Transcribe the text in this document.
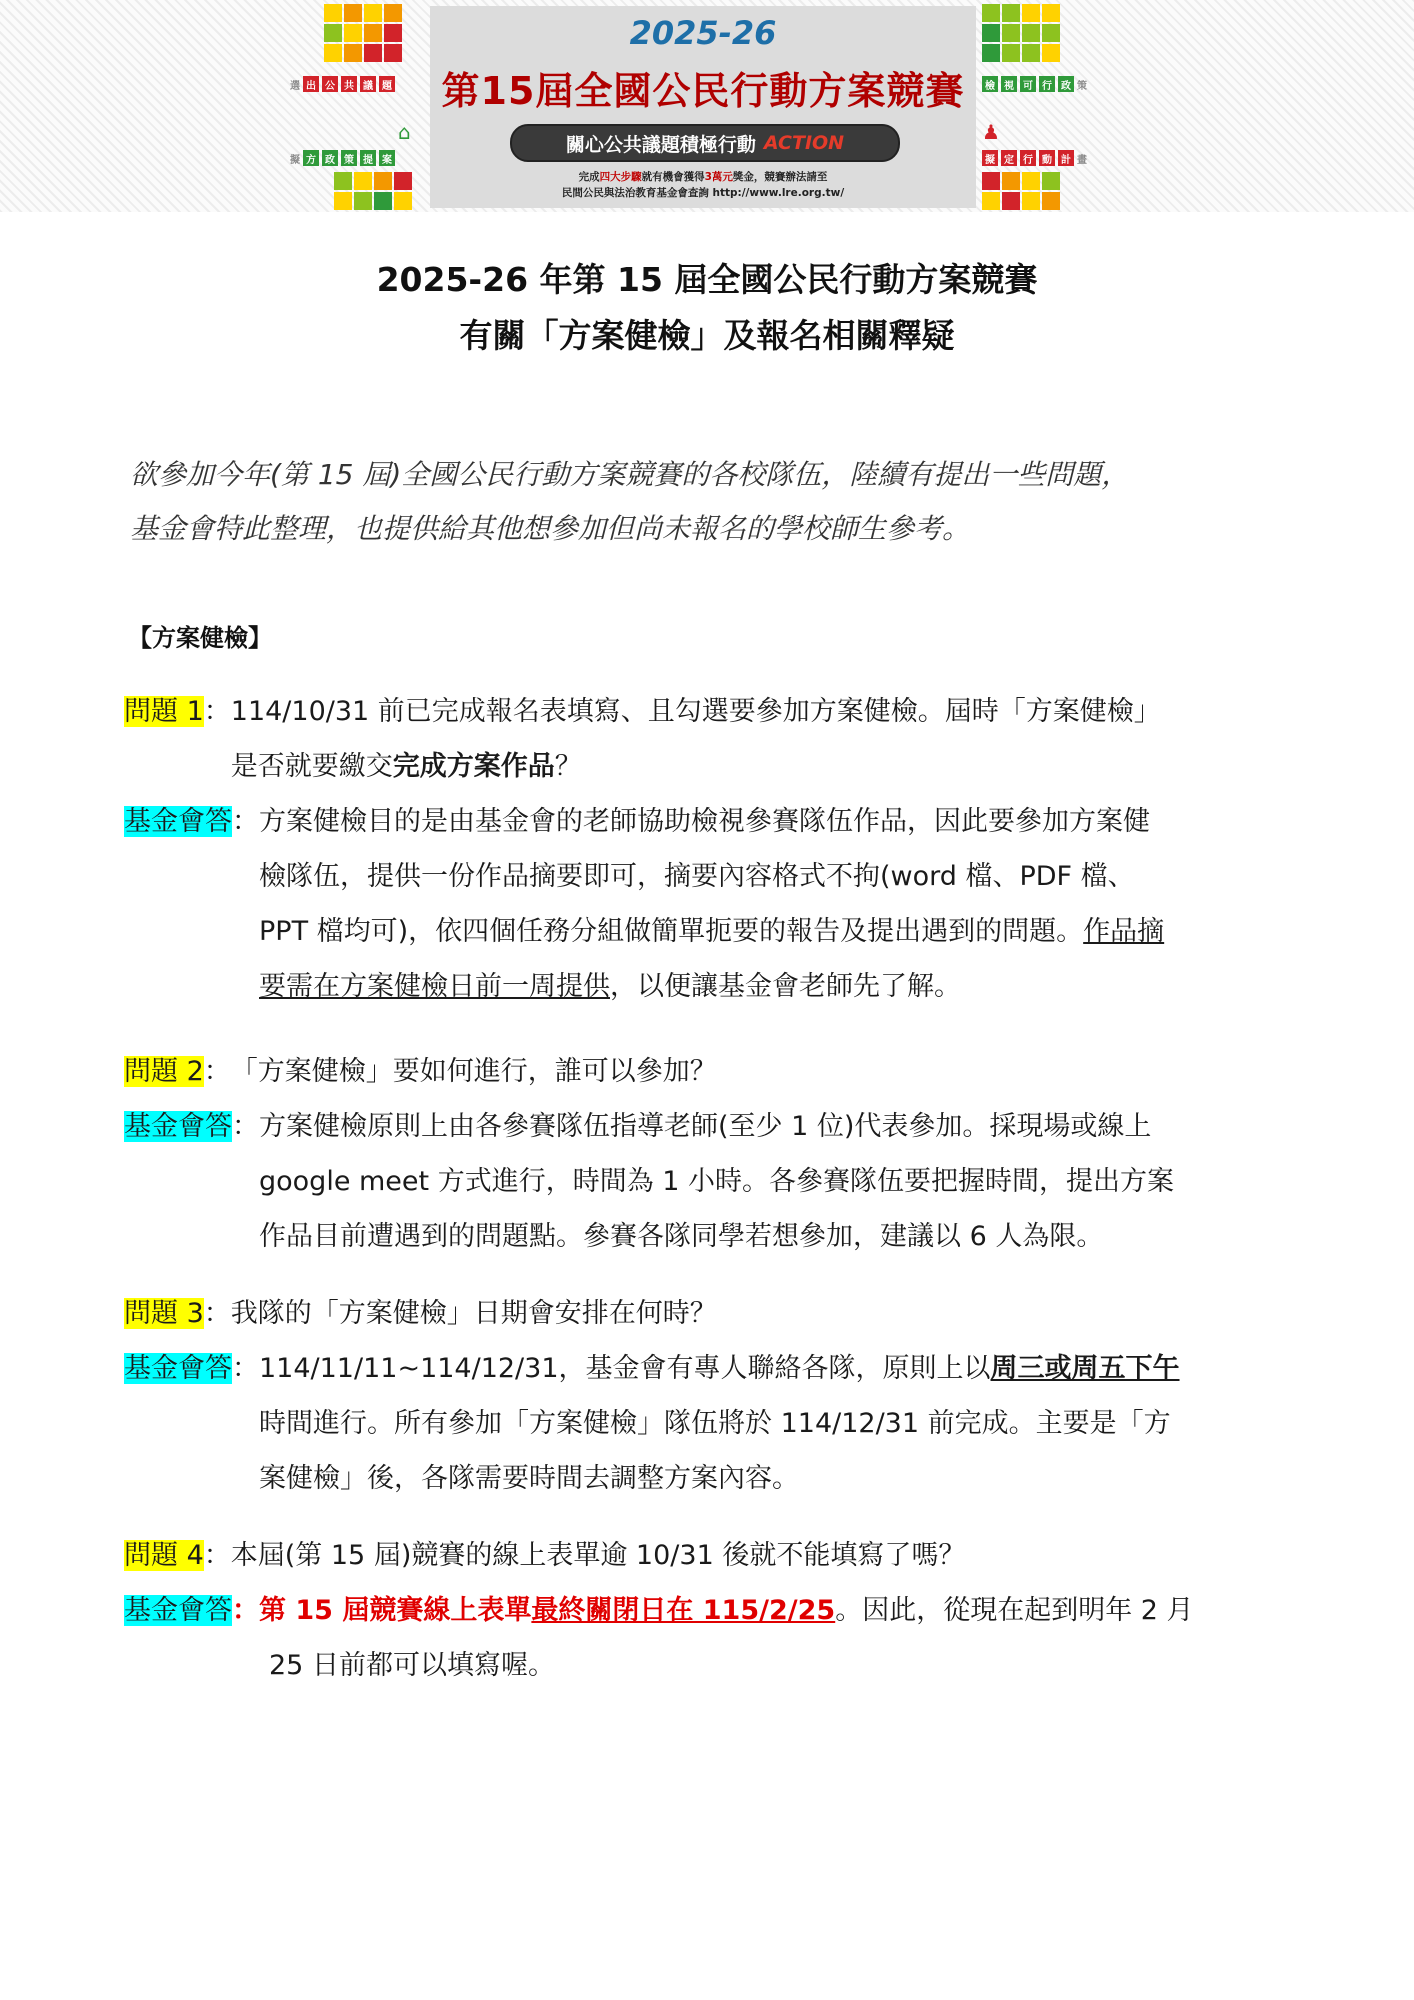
選 出 公 共 議 題
⌂
擬 方 政 策 提 案
2025-26
第15屆全國公民行動方案競賽
關心公共議題積極行動 ACTION
完成四大步驟就有機會獲得3萬元獎金，競賽辦法請至
民間公民與法治教育基金會查詢 http://www.lre.org.tw/
檢 視 可 行 政 策
♟
擬 定 行 動 計 畫
2025-26 年第 15 屆全國公民行動方案競賽
有關「方案健檢」及報名相關釋疑
欲參加今年(第 15 屆)全國公民行動方案競賽的各校隊伍，陸續有提出一些問題，
基金會特此整理，也提供給其他想參加但尚未報名的學校師生參考。
【方案健檢】
問題 1： 114/10/31 前已完成報名表填寫、且勾選要參加方案健檢。屆時「方案健檢」
是否就要繳交完成方案作品？
基金會答： 方案健檢目的是由基金會的老師協助檢視參賽隊伍作品，因此要參加方案健
檢隊伍，提供一份作品摘要即可，摘要內容格式不拘(word 檔、PDF 檔、
PPT 檔均可)，依四個任務分組做簡單扼要的報告及提出遇到的問題。作品摘
要需在方案健檢日前一周提供，以便讓基金會老師先了解。
問題 2： 「方案健檢」要如何進行，誰可以參加？
基金會答： 方案健檢原則上由各參賽隊伍指導老師(至少 1 位)代表參加。採現場或線上
google meet 方式進行，時間為 1 小時。各參賽隊伍要把握時間，提出方案
作品目前遭遇到的問題點。參賽各隊同學若想參加，建議以 6 人為限。
問題 3： 我隊的「方案健檢」日期會安排在何時？
基金會答： 114/11/11~114/12/31，基金會有專人聯絡各隊，原則上以周三或周五下午
時間進行。所有參加「方案健檢」隊伍將於 114/12/31 前完成。主要是「方
案健檢」後，各隊需要時間去調整方案內容。
問題 4： 本屆(第 15 屆)競賽的線上表單逾 10/31 後就不能填寫了嗎？
基金會答： 第 15 屆競賽線上表單最終關閉日在 115/2/25。因此，從現在起到明年 2 月
25 日前都可以填寫喔。
